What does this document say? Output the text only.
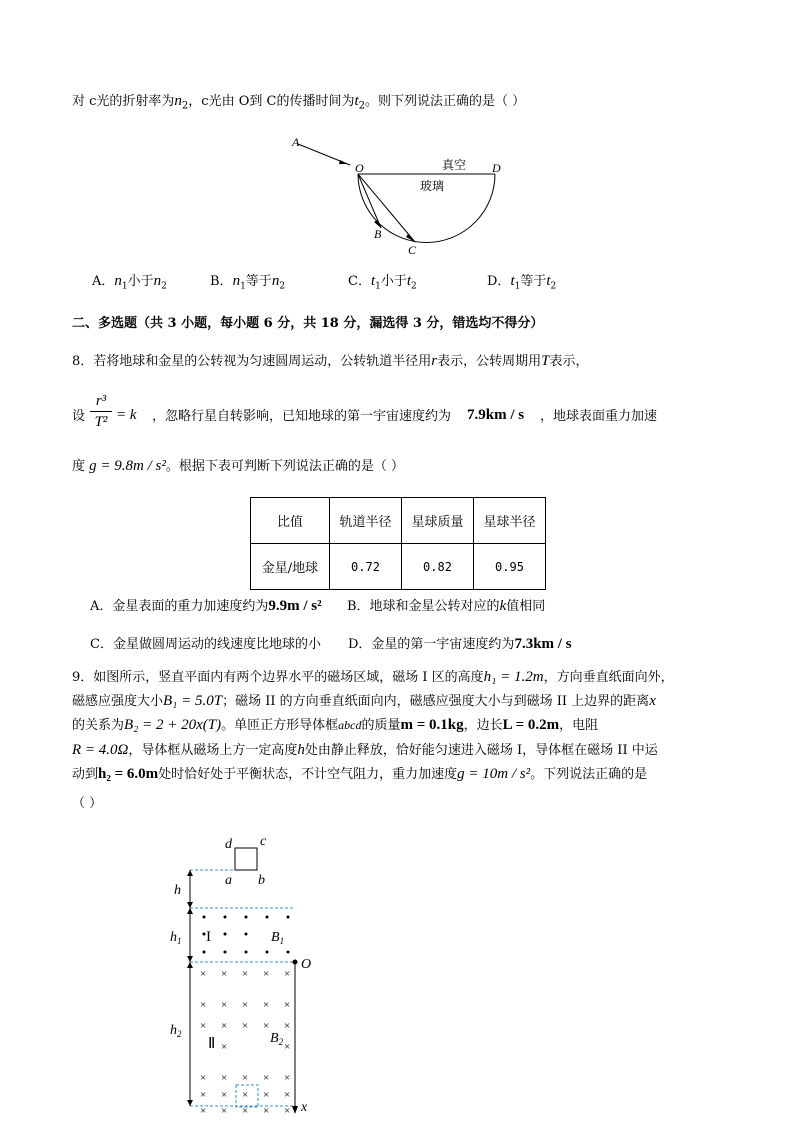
对 c光的折射率为$n_2$，c光由 O到 C的传播时间为$t_2$。则下列说法正确的是（ ）
A
O	D
B
C
真空
玻璃
A．$n_1$小于$n_2$	B．$n_1$等于$n_2$	C．$t_1$小于$t_2$	D．$t_1$等于$t_2$
二、多选题（共 3 小题，每小题 6 分，共 18 分，漏选得 3 分，错选均不得分）
8．若将地球和金星的公转视为匀速圆周运动，公转轨道半径用r表示，公转周期用T表示，
设
r³
T² = k ，忽略行星自转影响，已知地球的第一宇宙速度约为 7.9km / s ，地球表面重力加速
度 g = 9.8m / s²。根据下表可判断下列说法正确的是（ ）
比值	轨道半径	星球质量	星球半径
金星/地球	0.72	0.82	0.95
A．金星表面的重力加速度约为9.9m / s² B．地球和金星公转对应的k值相同
C．金星做圆周运动的线速度比地球的小 D．金星的第一宇宙速度约为7.3km / s
9．如图所示，竖直平面内有两个边界水平的磁场区域，磁场 I 区的高度h₁ = 1.2m，方向垂直纸面向外，
磁感应强度大小B₁ = 5.0T；磁场 II 的方向垂直纸面向内，磁感应强度大小与到磁场 II 上边界的距离x
的关系为B₂ = 2 + 20x(T)。单匝正方形导体框abcd的质量m = 0.1kg，边长L = 0.2m，电阻
R = 4.0Ω，导体框从磁场上方一定高度h处由静止释放，恰好能匀速进入磁场 I，导体框在磁场 II 中运
动到h₂ = 6.0m处时恰好处于平衡状态，不计空气阻力，重力加速度g = 10m / s²。下列说法正确的是
（ ）
d c
a b
h
$h_1$
$h_2$
I	$B_1$
O
x
× × × × ×
× × × × ×
× × × × ×
×	×
× × × × ×
× × × × ×
× × × × ×
Ⅱ	$B_2$
